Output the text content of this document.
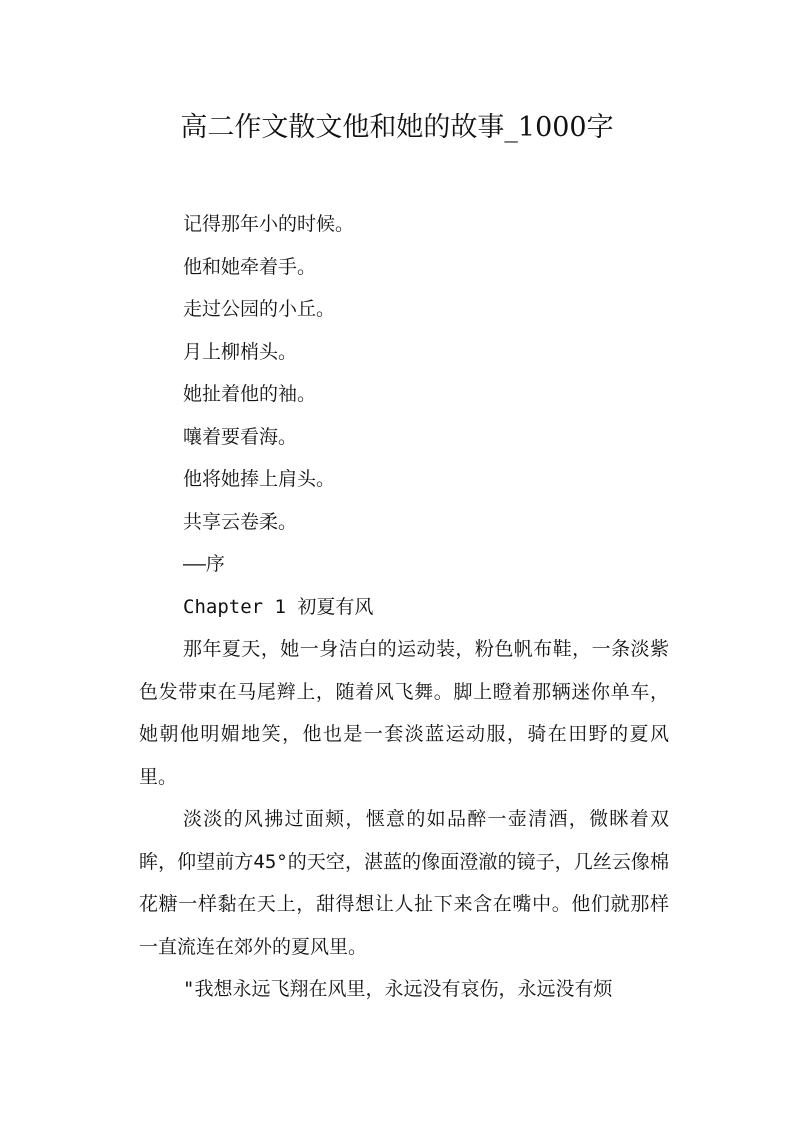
高二作文散文他和她的故事_1000字

记得那年小的时候。

他和她牵着手。

走过公园的小丘。

月上柳梢头。

她扯着他的袖。

嚷着要看海。

他将她捧上肩头。

共享云卷柔。

——序

Chapter 1 初夏有风

那年夏天，她一身洁白的运动装，粉色帆布鞋，一条淡紫色发带束在马尾辫上，随着风飞舞。脚上瞪着那辆迷你单车，她朝他明媚地笑，他也是一套淡蓝运动服，骑在田野的夏风里。

淡淡的风拂过面颊，惬意的如品醉一壶清酒，微眯着双眸，仰望前方45°的天空，湛蓝的像面澄澈的镜子，几丝云像棉花糖一样黏在天上，甜得想让人扯下来含在嘴中。他们就那样一直流连在郊外的夏风里。

"我想永远飞翔在风里，永远没有哀伤，永远没有烦
